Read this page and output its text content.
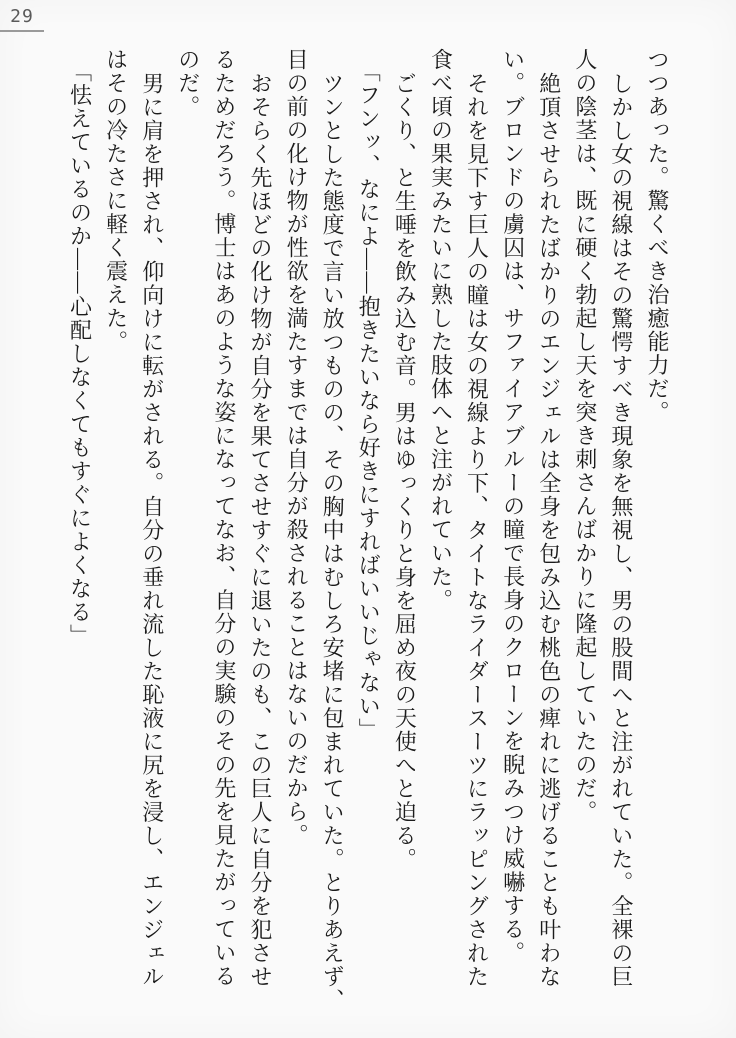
29
つつあった。驚くべき治癒能力だ。
しかし女の視線はその驚愕すべき現象を無視し、男の股間へと注がれていた。全裸の巨
人の陰茎は、既に硬く勃起し天を突き刺さんばかりに隆起していたのだ。
絶頂させられたばかりのエンジェルは全身を包み込む桃色の痺れに逃げることも叶わな
い。ブロンドの虜囚は、サファイアブルーの瞳で長身のクローンを睨みつけ威嚇する。
それを見下す巨人の瞳は女の視線より下、タイトなライダースーツにラッピングされた
食べ頃の果実みたいに熟した肢体へと注がれていた。
ごくり、と生唾を飲み込む音。男はゆっくりと身を屈め夜の天使へと迫る。
「フンッ、なによ——抱きたいなら好きにすればいいじゃない」
ツンとした態度で言い放つものの、その胸中はむしろ安堵に包まれていた。とりあえず、
目の前の化け物が性欲を満たすまでは自分が殺されることはないのだから。
おそらく先ほどの化け物が自分を果てさせすぐに退いたのも、この巨人に自分を犯させ
るためだろう。博士はあのような姿になってなお、自分の実験のその先を見たがっている
のだ。
男に肩を押され、仰向けに転がされる。自分の垂れ流した恥液に尻を浸し、エンジェル
はその冷たさに軽く震えた。
「怯えているのか——心配しなくてもすぐによくなる」
